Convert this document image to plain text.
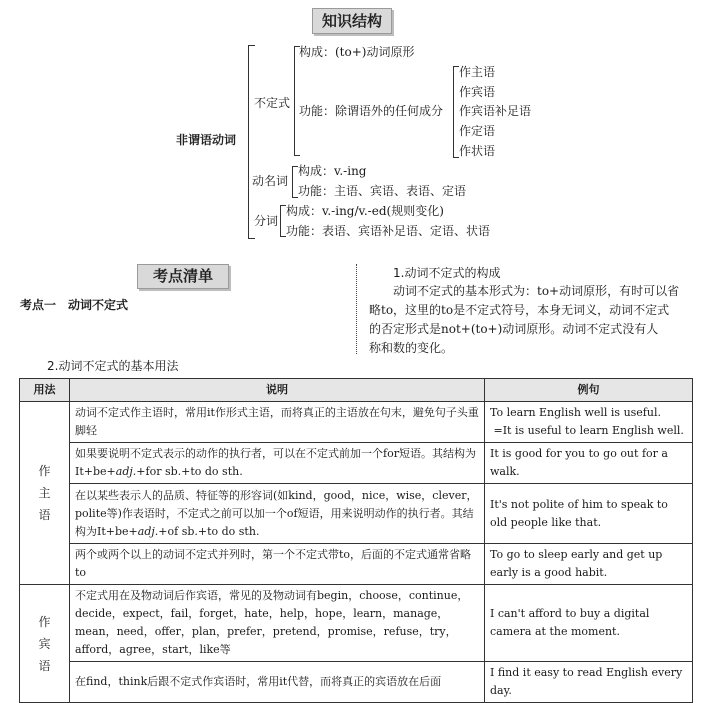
知识结构
非谓语动词
不定式
构成：(to+)动词原形
功能：除谓语外的任何成分
作主语
作宾语
作宾语补足语
作定语
作状语
动名词
构成：v.-ing
功能：主语、宾语、表语、定语
分词
构成：v.-ing/v.-ed(规则变化)
功能：表语、宾语补足语、定语、状语
考点清单
考点一　动词不定式
1.动词不定式的构成
动词不定式的基本形式为：to+动词原形，有时可以省
略to，这里的to是不定式符号，本身无词义，动词不定式
的否定形式是not+(to+)动词原形。动词不定式没有人
称和数的变化。
2.动词不定式的基本用法
用法	说明	例句
作
主
语	动词不定式作主语时，常用it作形式主语，而将真正的主语放在句末，避免句子头重脚轻	To learn English well is useful.
=It is useful to learn English well.
	如果要说明不定式表示的动作的执行者，可以在不定式前加一个for短语。其结构为It+be+adj.+for sb.+to do sth.	It is good for you to go out for a walk.
	在以某些表示人的品质、特征等的形容词(如kind，good，nice，wise，clever，polite等)作表语时，不定式之前可以加一个of短语，用来说明动作的执行者。其结构为It+be+adj.+of sb.+to do sth.	It's not polite of him to speak to old people like that.
	两个或两个以上的动词不定式并列时，第一个不定式带to，后面的不定式通常省略to	To go to sleep early and get up early is a good habit.
作
宾
语	不定式用在及物动词后作宾语，常见的及物动词有begin，choose，continue，decide，expect，fail，forget，hate，help，hope，learn，manage，mean，need，offer，plan，prefer，pretend，promise，refuse，try，afford，agree，start，like等	I can't afford to buy a digital camera at the moment.
	在find，think后跟不定式作宾语时，常用it代替，而将真正的宾语放在后面	I find it easy to read English every day.
